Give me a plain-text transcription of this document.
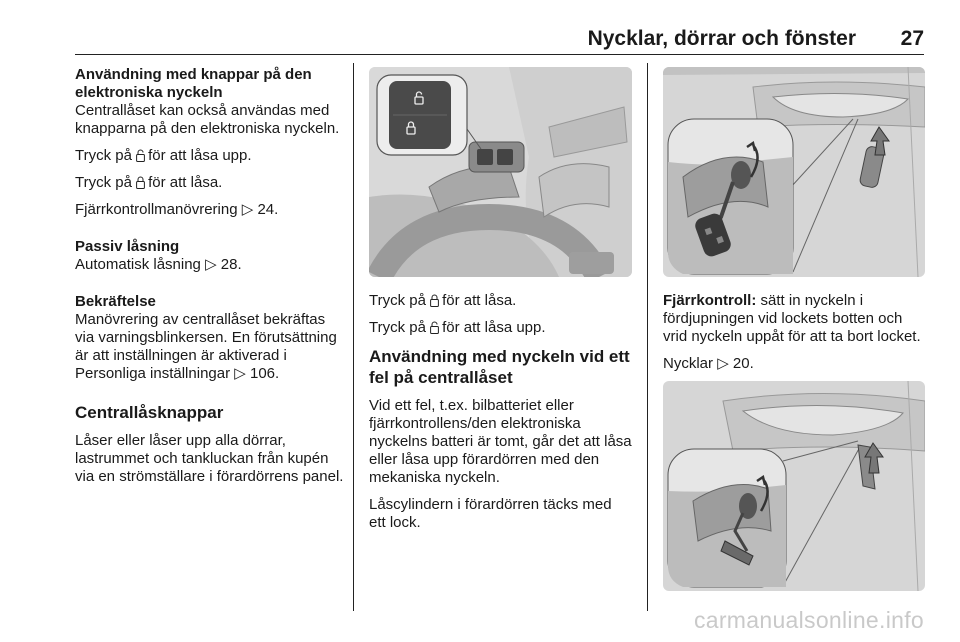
Nycklar, dörrar och fönster 27
Användning med knappar på den elektroniska nyckeln

Centrallåset kan också användas med knapparna på den elektroniska nyckeln.

Tryck på för att låsa upp.

Tryck på för att låsa.

Fjärrkontrollmanövrering ▷ 24.

Passiv låsning

Automatisk låsning ▷ 28.

Bekräftelse

Manövrering av centrallåset bekräftas via varningsblinkersen. En förutsättning är att inställningen är aktiverad i Personliga inställningar ▷ 106.

Centrallåsknappar

Låser eller låser upp alla dörrar, lastrummet och tankluckan från kupén via en strömställare i förardörrens panel.

Tryck på för att låsa.

Tryck på för att låsa upp.

Användning med nyckeln vid ett fel på centrallåset

Vid ett fel, t.ex. bilbatteriet eller fjärrkontrollens/den elektroniska nyckelns batteri är tomt, går det att låsa eller låsa upp förardörren med den mekaniska nyckeln.

Låscylindern i förardörren täcks med ett lock.

Fjärrkontroll: sätt in nyckeln i fördjupningen vid lockets botten och vrid nyckeln uppåt för att ta bort locket.

Nycklar ▷ 20.

carmanualsonline.info
